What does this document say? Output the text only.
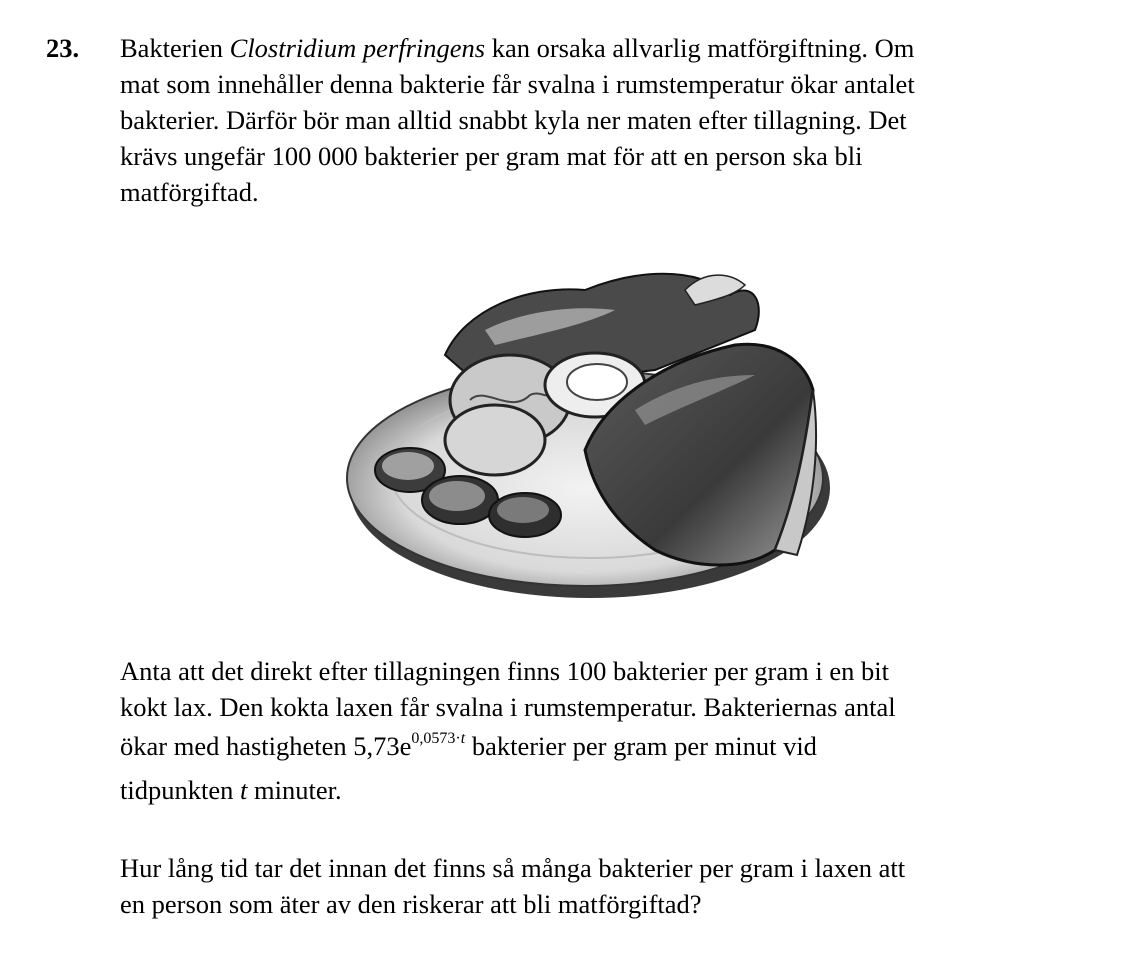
23. Bakterien Clostridium perfringens kan orsaka allvarlig matförgiftning. Om
mat som innehåller denna bakterie får svalna i rumstemperatur ökar antalet
bakterier. Därför bör man alltid snabbt kyla ner maten efter tillagning. Det
krävs ungefär 100 000 bakterier per gram mat för att en person ska bli
matförgiftad.

Anta att det direkt efter tillagningen finns 100 bakterier per gram i en bit
kokt lax. Den kokta laxen får svalna i rumstemperatur. Bakteriernas antal
ökar med hastigheten $5,73e^{0,0573\cdot t}$ bakterier per gram per minut vid
tidpunkten t minuter.

Hur lång tid tar det innan det finns så många bakterier per gram i laxen att
en person som äter av den riskerar att bli matförgiftad?
